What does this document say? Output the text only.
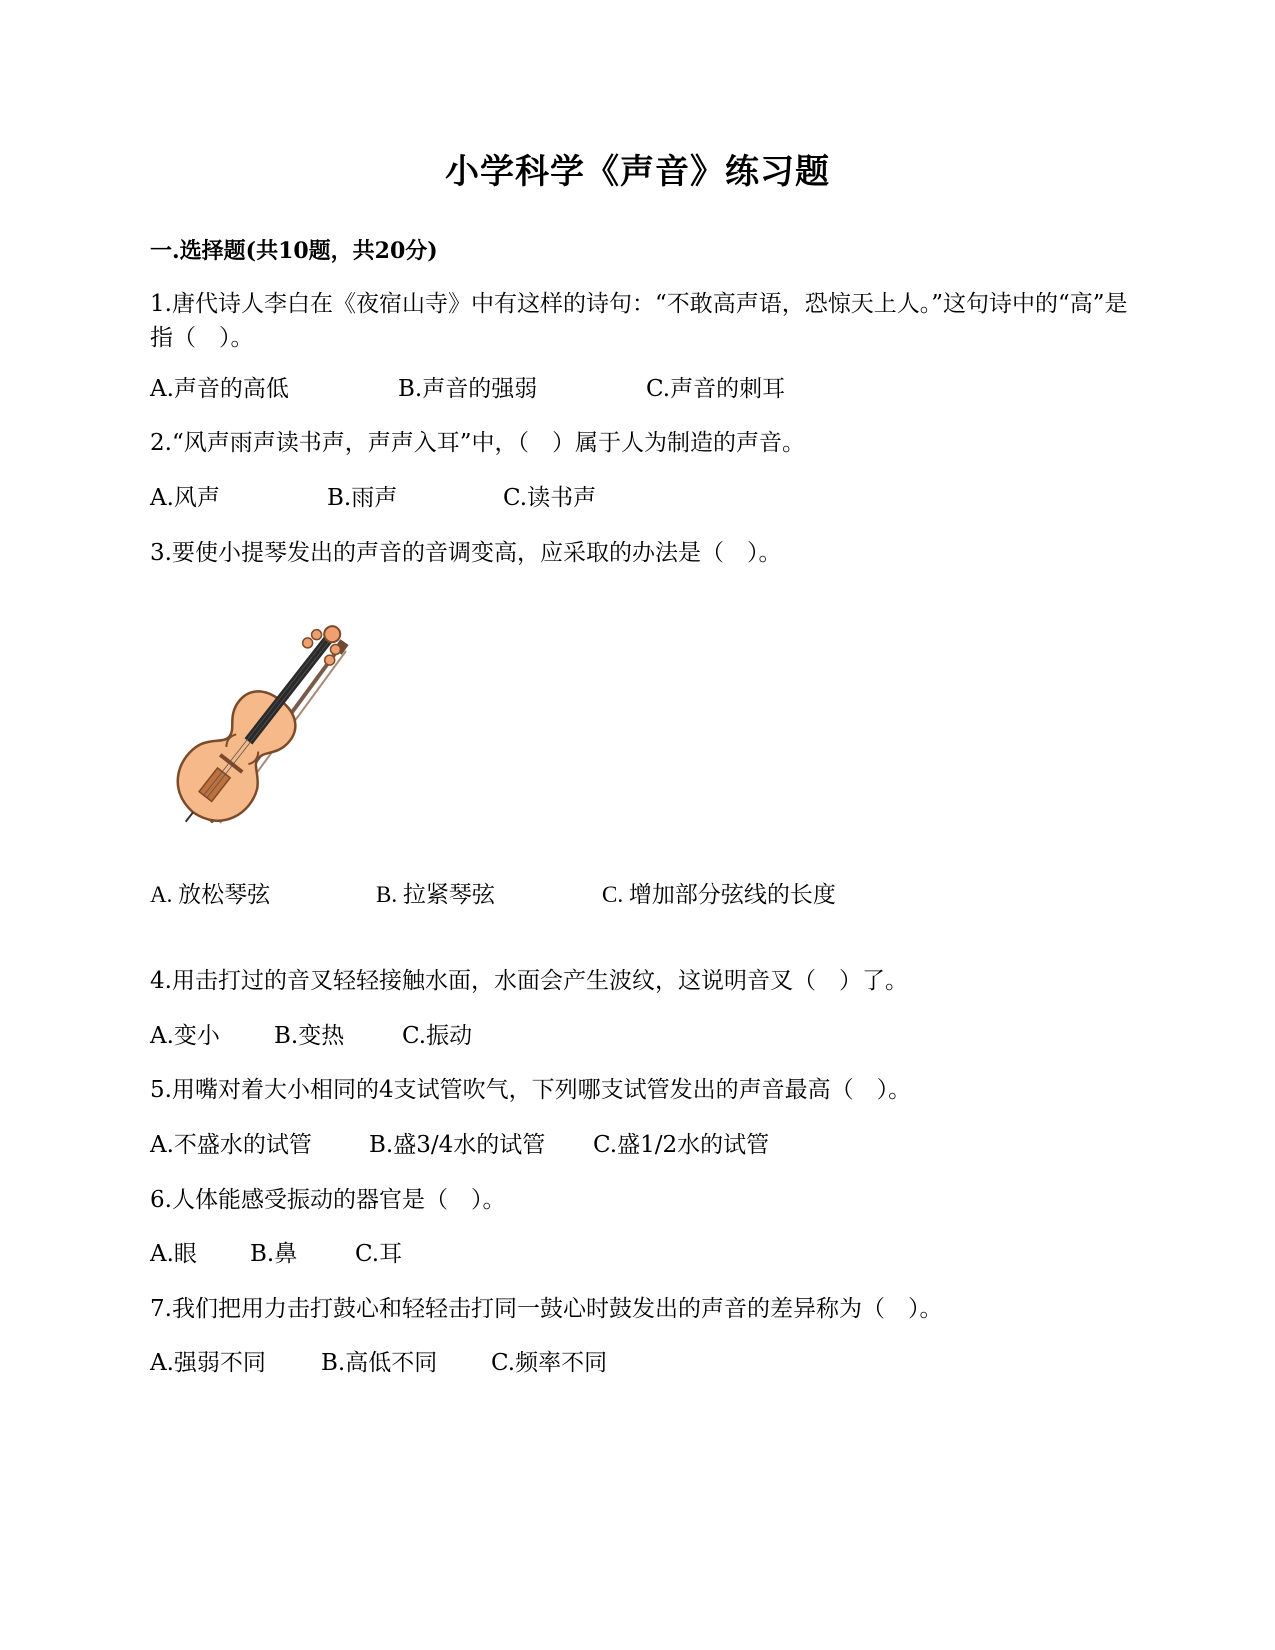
小学科学《声音》练习题
一.选择题(共10题，共20分)
1.唐代诗人李白在《夜宿山寺》中有这样的诗句：“不敢高声语，恐惊天上人。”这句诗中的“高”是指（　）。
A.声音的高低	B.声音的强弱	C.声音的刺耳
2.“风声雨声读书声，声声入耳”中，（　）属于人为制造的声音。
A.风声	B.雨声	C.读书声
3.要使小提琴发出的声音的音调变高，应采取的办法是（　）。
A. 放松琴弦	B. 拉紧琴弦	C. 增加部分弦线的长度
4.用击打过的音叉轻轻接触水面，水面会产生波纹，这说明音叉（　）了。
A.变小 B.变热	C.振动
5.用嘴对着大小相同的4支试管吹气，下列哪支试管发出的声音最高（　）。
A.不盛水的试管 B.盛3/4水的试管 C.盛1/2水的试管
6.人体能感受振动的器官是（　）。
A.眼 B.鼻	C.耳
7.我们把用力击打鼓心和轻轻击打同一鼓心时鼓发出的声音的差异称为（　）。
A.强弱不同 B.高低不同 C.频率不同
